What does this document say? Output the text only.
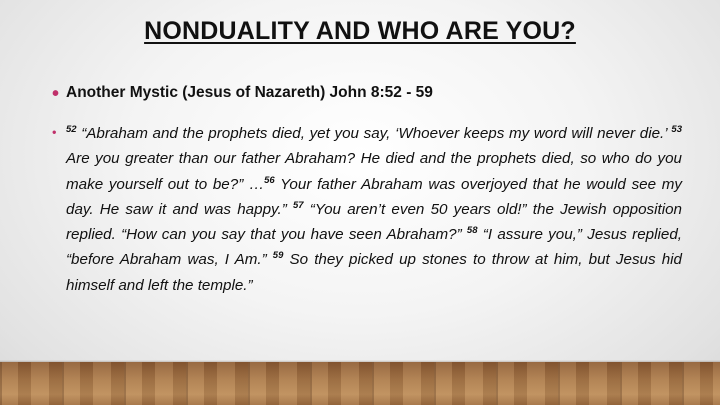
NONDUALITY AND WHO ARE YOU?
• Another Mystic (Jesus of Nazareth) John 8:52 - 59
• $^{52}$ “Abraham and the prophets died, yet you say, ‘Whoever keeps my word will never die.’ $^{53}$ Are you greater than our father Abraham? He died and the prophets died, so who do you make yourself out to be?” …$^{56}$ Your father Abraham was overjoyed that he would see my day. He saw it and was happy.” $^{57}$ “You aren’t even 50 years old!” the Jewish opposition replied. “How can you say that you have seen Abraham?” $^{58}$ “I assure you,” Jesus replied, “before Abraham was, I Am.” $^{59}$ So they picked up stones to throw at him, but Jesus hid himself and left the temple.”
